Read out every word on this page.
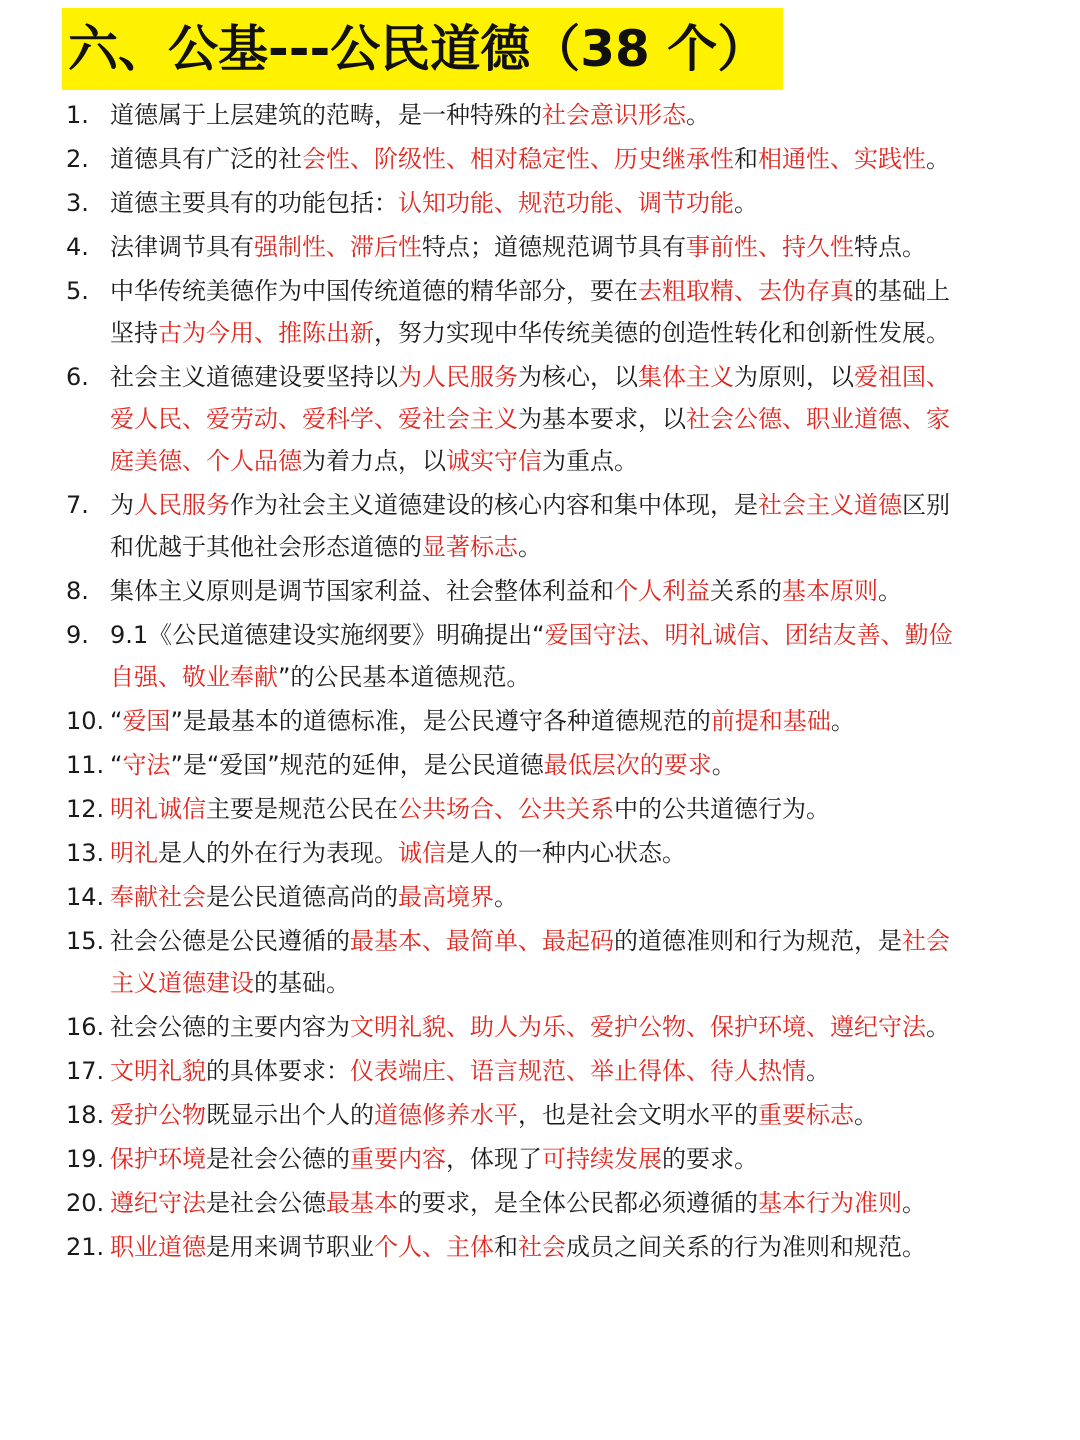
六、公基---公民道德（38 个）
1. 道德属于上层建筑的范畴，是一种特殊的社会意识形态。
2. 道德具有广泛的社会性、阶级性、相对稳定性、历史继承性和相通性、实践性。
3. 道德主要具有的功能包括：认知功能、规范功能、调节功能。
4. 法律调节具有强制性、滞后性特点；道德规范调节具有事前性、持久性特点。
5. 中华传统美德作为中国传统道德的精华部分，要在去粗取精、去伪存真的基础上坚持古为今用、推陈出新，努力实现中华传统美德的创造性转化和创新性发展。
6. 社会主义道德建设要坚持以为人民服务为核心，以集体主义为原则，以爱祖国、爱人民、爱劳动、爱科学、爱社会主义为基本要求，以社会公德、职业道德、家庭美德、个人品德为着力点，以诚实守信为重点。
7. 为人民服务作为社会主义道德建设的核心内容和集中体现，是社会主义道德区别和优越于其他社会形态道德的显著标志。
8. 集体主义原则是调节国家利益、社会整体利益和个人利益关系的基本原则。
9. 9.1《公民道德建设实施纲要》明确提出“爱国守法、明礼诚信、团结友善、勤俭自强、敬业奉献”的公民基本道德规范。
10. “爱国”是最基本的道德标准，是公民遵守各种道德规范的前提和基础。
11. “守法”是“爱国”规范的延伸，是公民道德最低层次的要求。
12. 明礼诚信主要是规范公民在公共场合、公共关系中的公共道德行为。
13. 明礼是人的外在行为表现。诚信是人的一种内心状态。
14. 奉献社会是公民道德高尚的最高境界。
15. 社会公德是公民遵循的最基本、最简单、最起码的道德准则和行为规范，是社会主义道德建设的基础。
16. 社会公德的主要内容为文明礼貌、助人为乐、爱护公物、保护环境、遵纪守法。
17. 文明礼貌的具体要求：仪表端庄、语言规范、举止得体、待人热情。
18. 爱护公物既显示出个人的道德修养水平，也是社会文明水平的重要标志。
19. 保护环境是社会公德的重要内容，体现了可持续发展的要求。
20. 遵纪守法是社会公德最基本的要求，是全体公民都必须遵循的基本行为准则。
21. 职业道德是用来调节职业个人、主体和社会成员之间关系的行为准则和规范。
